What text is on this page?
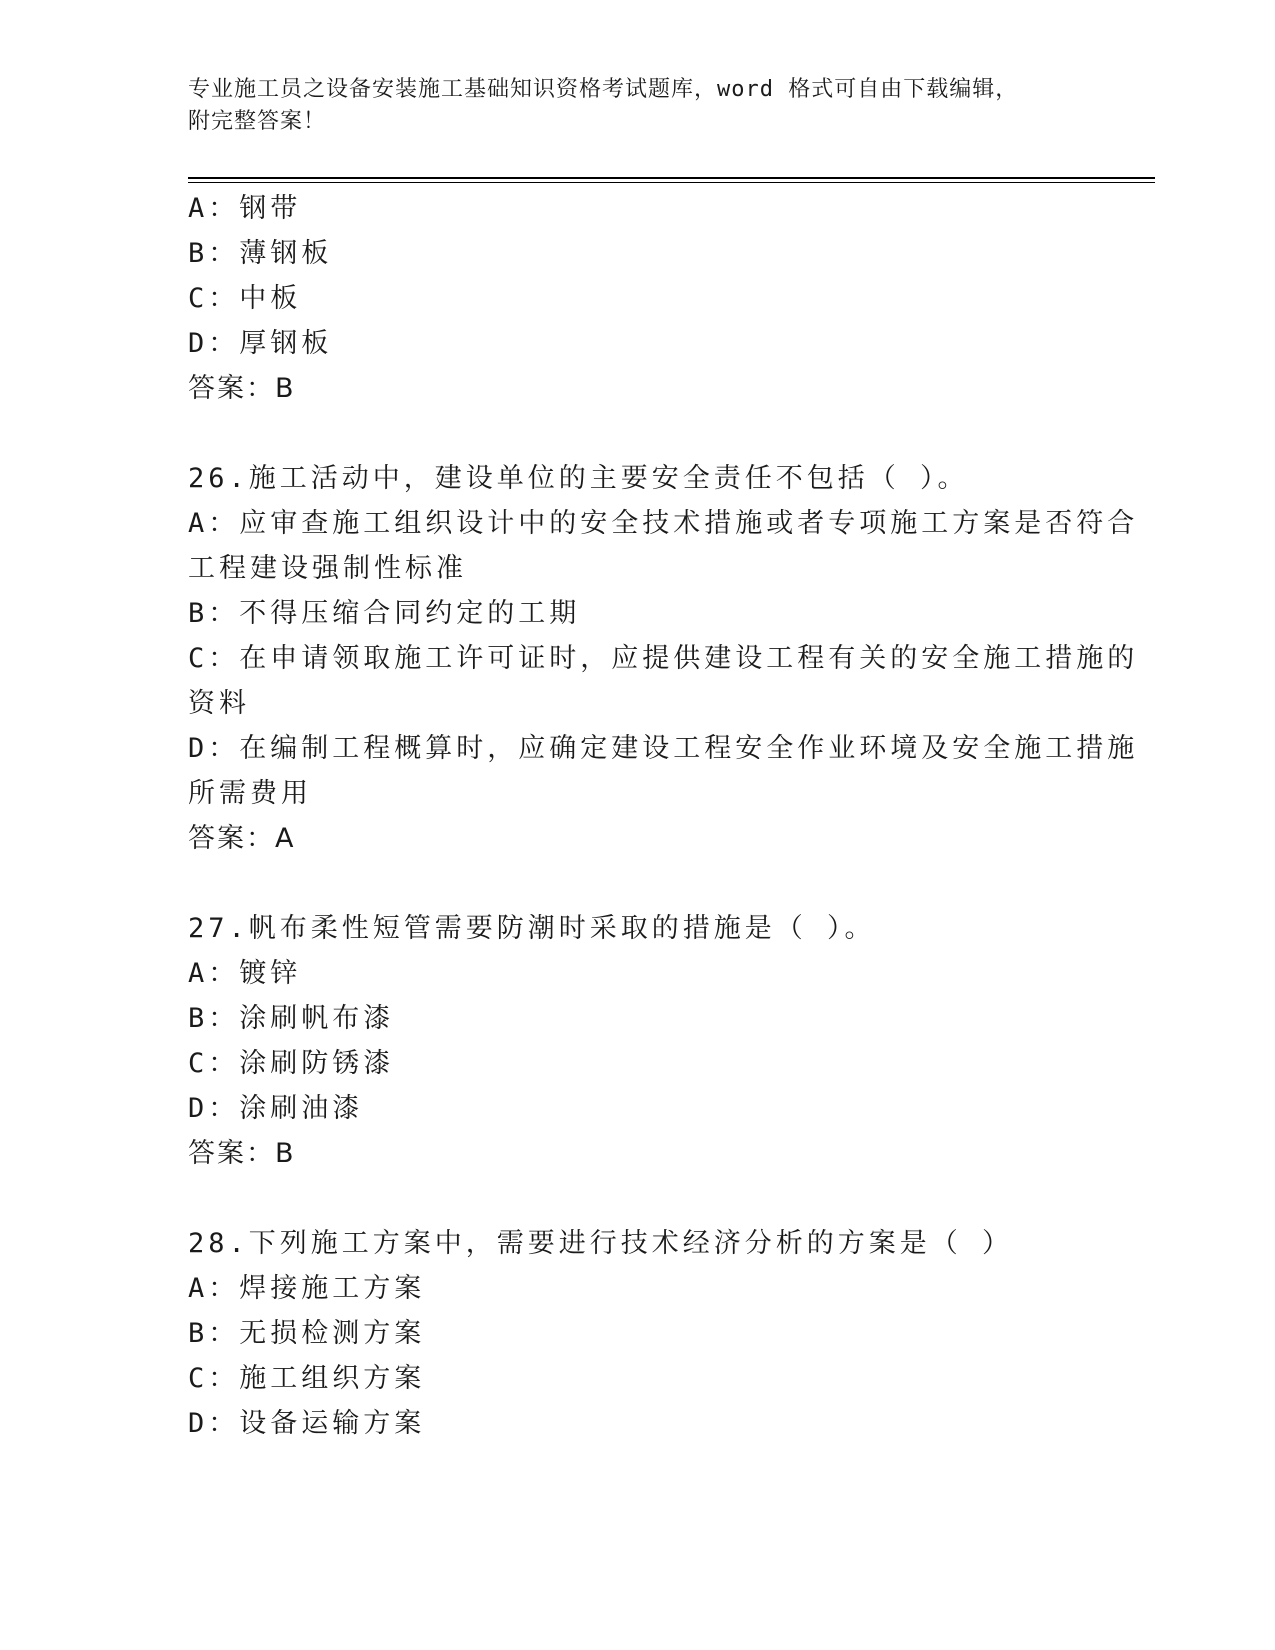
专业施工员之设备安装施工基础知识资格考试题库，word 格式可自由下载编辑，
附完整答案！
A：钢带
B：薄钢板
C：中板
D：厚钢板
答案：B
26.施工活动中，建设单位的主要安全责任不包括（ ）。
A：应审查施工组织设计中的安全技术措施或者专项施工方案是否符合
工程建设强制性标准
B：不得压缩合同约定的工期
C：在申请领取施工许可证时，应提供建设工程有关的安全施工措施的
资料
D：在编制工程概算时，应确定建设工程安全作业环境及安全施工措施
所需费用
答案：A
27.帆布柔性短管需要防潮时采取的措施是（ ）。
A：镀锌
B：涂刷帆布漆
C：涂刷防锈漆
D：涂刷油漆
答案：B
28.下列施工方案中，需要进行技术经济分析的方案是（ ）
A：焊接施工方案
B：无损检测方案
C：施工组织方案
D：设备运输方案
